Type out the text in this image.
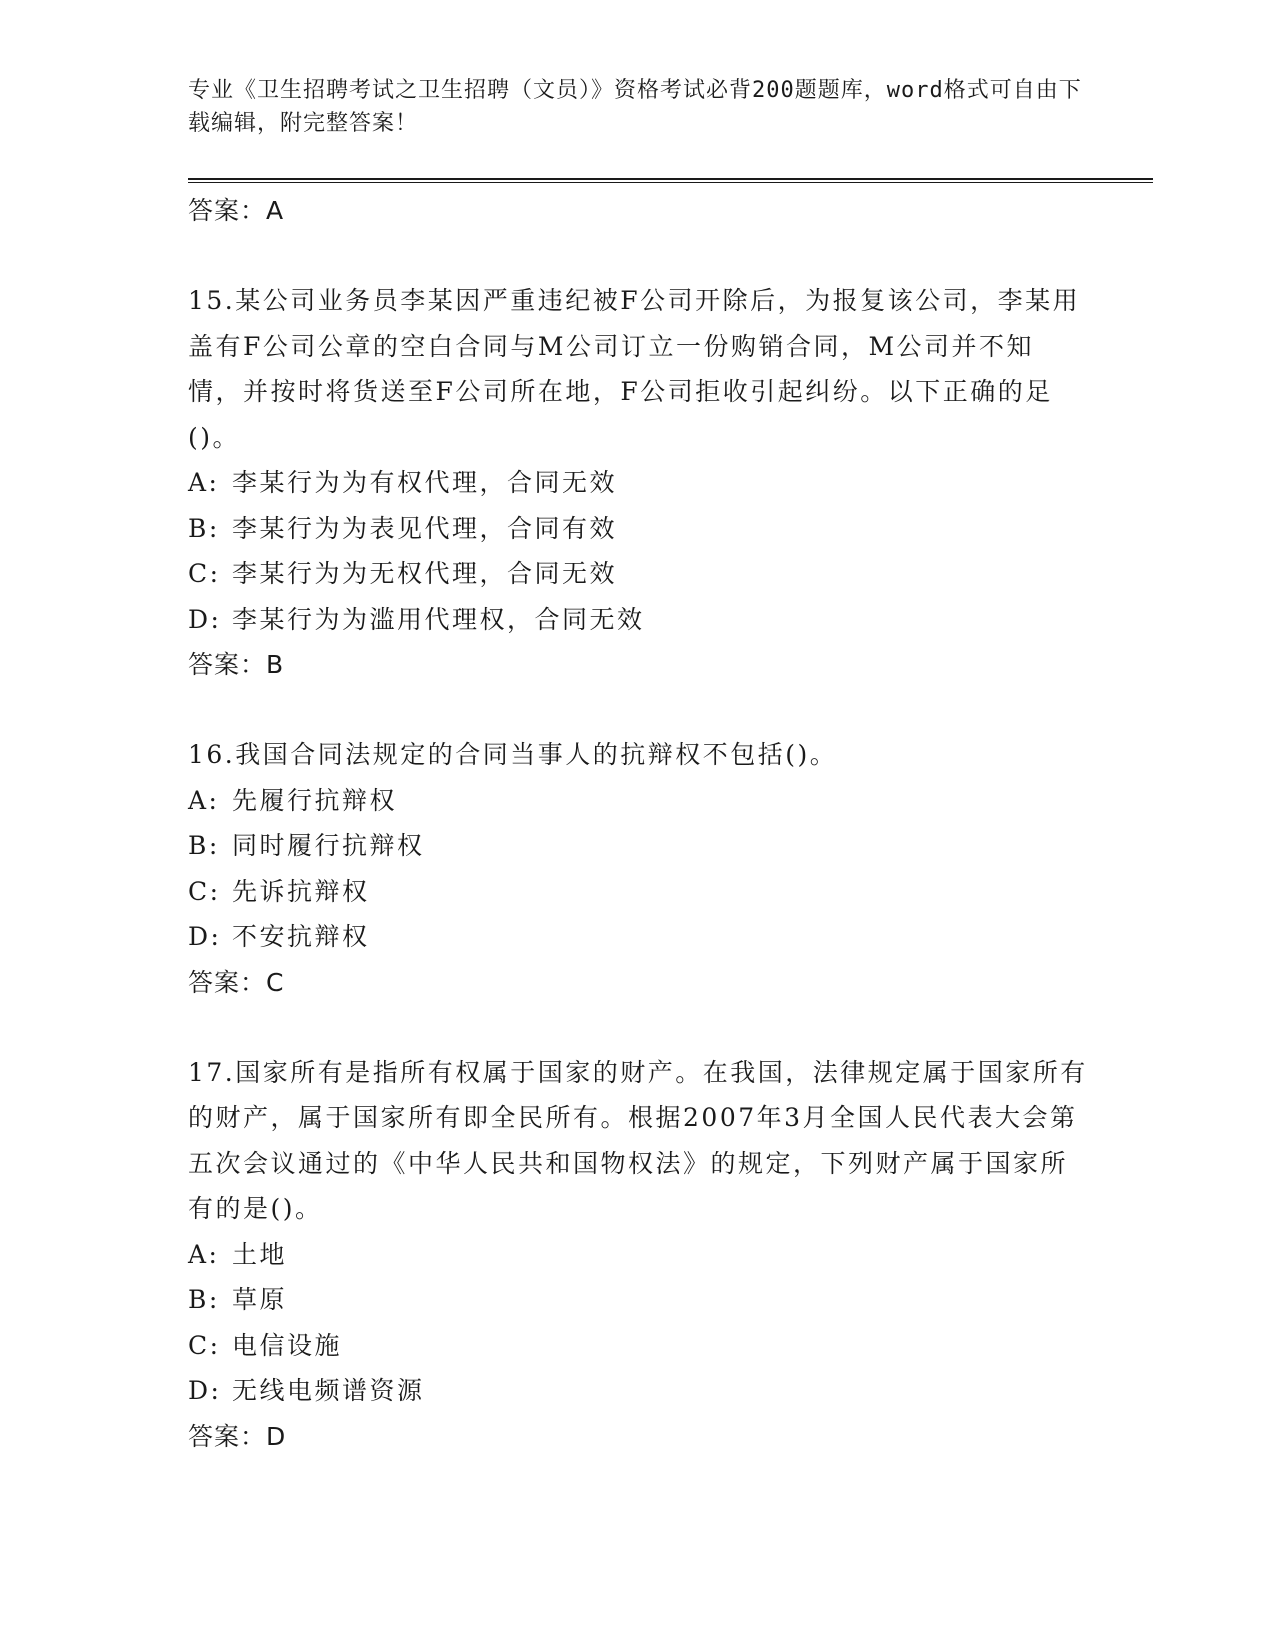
专业《卫生招聘考试之卫生招聘（文员）》资格考试必背200题题库，word格式可自由下载编辑，附完整答案！
答案：A
15.某公司业务员李某因严重违纪被F公司开除后，为报复该公司，李某用盖有F公司公章的空白合同与M公司订立一份购销合同，M公司并不知情，并按时将货送至F公司所在地，F公司拒收引起纠纷。以下正确的足()。
A: 李某行为为有权代理，合同无效
B: 李某行为为表见代理，合同有效
C: 李某行为为无权代理，合同无效
D: 李某行为为滥用代理权，合同无效
答案：B
16.我国合同法规定的合同当事人的抗辩权不包括()。
A: 先履行抗辩权
B: 同时履行抗辩权
C: 先诉抗辩权
D: 不安抗辩权
答案：C
17.国家所有是指所有权属于国家的财产。在我国，法律规定属于国家所有的财产，属于国家所有即全民所有。根据2007年3月全国人民代表大会第五次会议通过的《中华人民共和国物权法》的规定，下列财产属于国家所有的是()。
A: 土地
B: 草原
C: 电信设施
D: 无线电频谱资源
答案：D
